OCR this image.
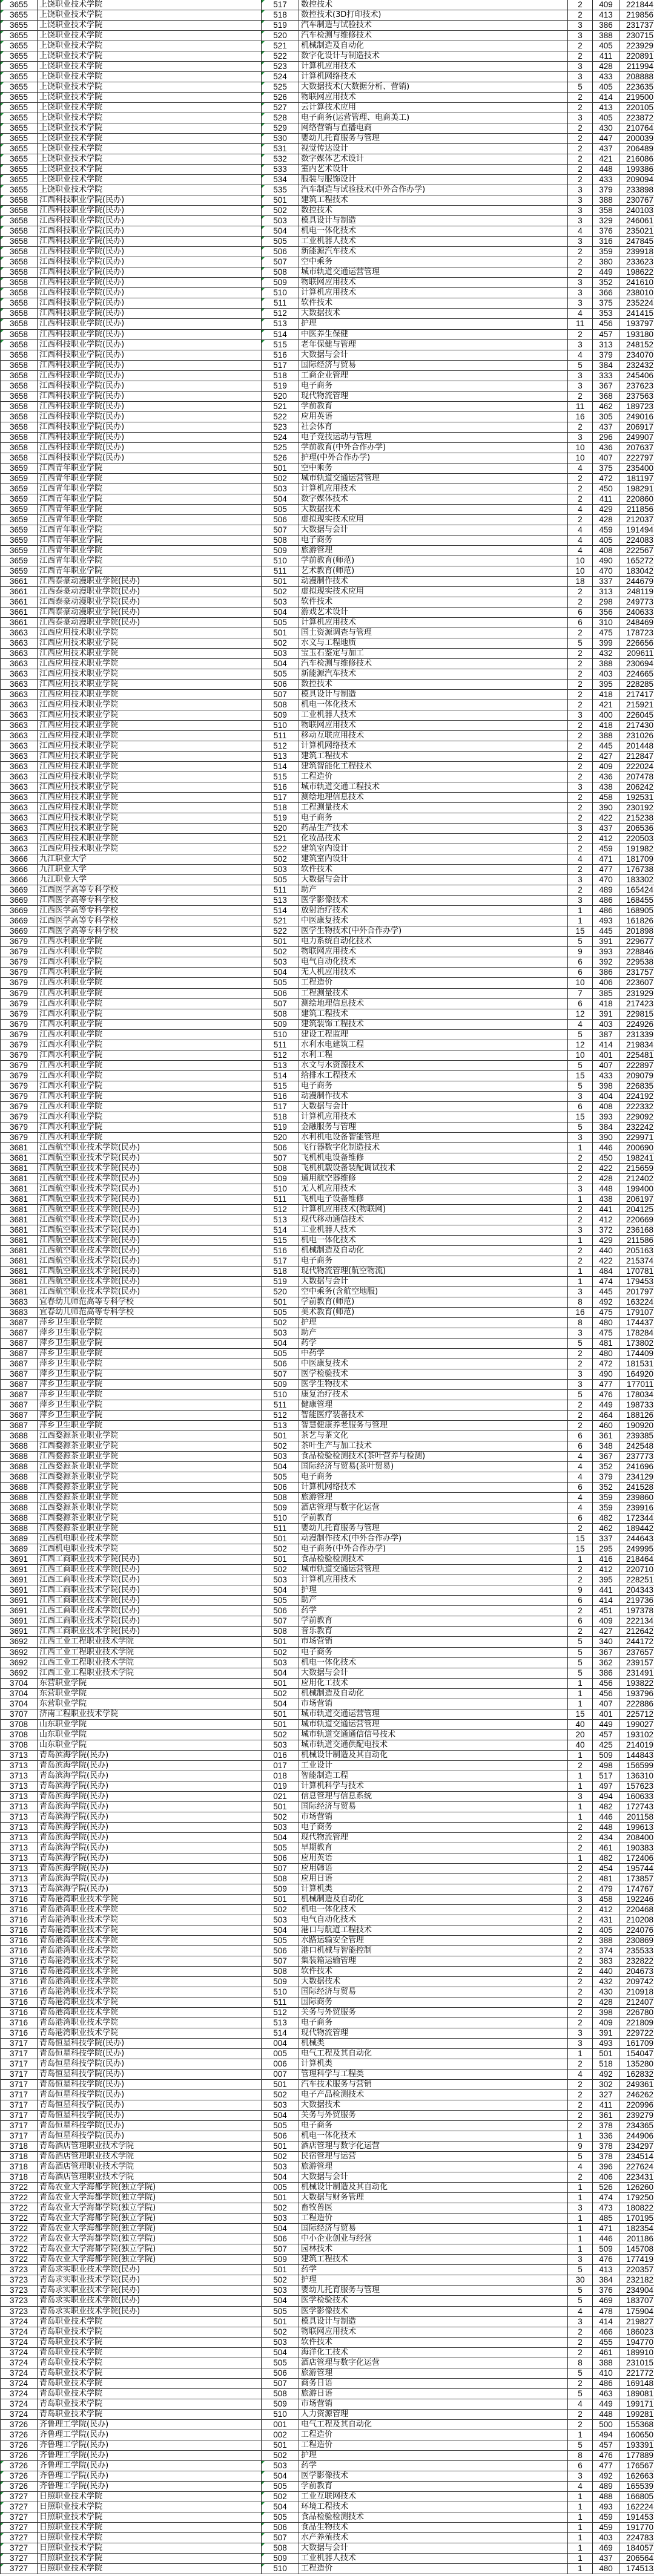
3655	上饶职业技术学院	517	数控技术	2	409	221844
3655	上饶职业技术学院	518	数控技术(3D打印技术)	2	413	219856
3655	上饶职业技术学院	519	汽车制造与试验技术	3	386	231737
3655	上饶职业技术学院	520	汽车检测与维修技术	3	388	230715
3655	上饶职业技术学院	521	机械制造及自动化	2	405	223929
3655	上饶职业技术学院	522	数字化设计与制造技术	2	411	220891
3655	上饶职业技术学院	523	计算机应用技术	3	428	211994
3655	上饶职业技术学院	524	计算机网络技术	3	433	208888
3655	上饶职业技术学院	525	大数据技术(大数据分析、营销)	5	405	223635
3655	上饶职业技术学院	526	物联网应用技术	2	414	219500
3655	上饶职业技术学院	527	云计算技术应用	2	413	220105
3655	上饶职业技术学院	528	电子商务(运营管理、电商美工)	3	405	223872
3655	上饶职业技术学院	529	网络营销与直播电商	2	430	210764
3655	上饶职业技术学院	530	婴幼儿托育服务与管理	2	447	200039
3655	上饶职业技术学院	531	视觉传达设计	2	437	206489
3655	上饶职业技术学院	532	数字媒体艺术设计	2	421	216086
3655	上饶职业技术学院	533	室内艺术设计	2	448	199386
3655	上饶职业技术学院	534	服装与服饰设计	2	433	209094
3655	上饶职业技术学院	535	汽车制造与试验技术(中外合作办学)	3	379	233898
3658	江西科技职业学院(民办)	501	建筑工程技术	3	388	230767
3658	江西科技职业学院(民办)	502	数控技术	3	358	240103
3658	江西科技职业学院(民办)	503	模具设计与制造	3	329	246061
3658	江西科技职业学院(民办)	504	机电一体化技术	4	376	235021
3658	江西科技职业学院(民办)	505	工业机器人技术	3	316	247845
3658	江西科技职业学院(民办)	506	新能源汽车技术	2	359	239918
3658	江西科技职业学院(民办)	507	空中乘务	2	380	233623
3658	江西科技职业学院(民办)	508	城市轨道交通运营管理	2	449	198622
3658	江西科技职业学院(民办)	509	物联网应用技术	3	352	241610
3658	江西科技职业学院(民办)	510	计算机应用技术	3	366	238010
3658	江西科技职业学院(民办)	511	软件技术	3	375	235224
3658	江西科技职业学院(民办)	512	大数据技术	4	353	241415
3658	江西科技职业学院(民办)	513	护理	11	456	193797
3658	江西科技职业学院(民办)	514	中医养生保健	2	457	193180
3658	江西科技职业学院(民办)	515	老年保健与管理	3	313	248152
3658	江西科技职业学院(民办)	516	大数据与会计	4	379	234070
3658	江西科技职业学院(民办)	517	国际经济与贸易	5	384	232432
3658	江西科技职业学院(民办)	518	工商企业管理	3	333	245406
3658	江西科技职业学院(民办)	519	电子商务	3	367	237623
3658	江西科技职业学院(民办)	520	现代物流管理	2	368	237563
3658	江西科技职业学院(民办)	521	学前教育	11	462	189723
3658	江西科技职业学院(民办)	522	应用英语	16	305	249016
3658	江西科技职业学院(民办)	523	社会体育	2	437	206917
3658	江西科技职业学院(民办)	524	电子竞技运动与管理	3	296	249907
3658	江西科技职业学院(民办)	525	学前教育(中外合作办学)	10	436	207637
3658	江西科技职业学院(民办)	526	护理(中外合作办学)	10	407	222797
3659	江西青年职业学院	501	空中乘务	4	375	235400
3659	江西青年职业学院	502	城市轨道交通运营管理	2	472	181197
3659	江西青年职业学院	503	计算机应用技术	2	450	198291
3659	江西青年职业学院	504	数字媒体技术	2	411	220860
3659	江西青年职业学院	505	大数据技术	4	429	211856
3659	江西青年职业学院	506	虚拟现实技术应用	2	428	212037
3659	江西青年职业学院	507	大数据与会计	4	459	191494
3659	江西青年职业学院	508	电子商务	4	405	224083
3659	江西青年职业学院	509	旅游管理	4	408	222567
3659	江西青年职业学院	510	学前教育(师范)	10	490	165272
3659	江西青年职业学院	511	艺术教育(师范)	10	470	183042
3661	江西泰豪动漫职业学院(民办)	501	动漫制作技术	18	337	244679
3661	江西泰豪动漫职业学院(民办)	502	虚拟现实技术应用	2	313	248119
3661	江西泰豪动漫职业学院(民办)	503	软件技术	2	298	249773
3661	江西泰豪动漫职业学院(民办)	504	游戏艺术设计	6	356	240633
3661	江西泰豪动漫职业学院(民办)	505	计算机应用技术	6	310	248469
3663	江西应用技术职业学院	501	国土资源调查与管理	2	475	178723
3663	江西应用技术职业学院	502	水文与工程地质	5	399	226656
3663	江西应用技术职业学院	503	宝玉石鉴定与加工	2	432	209611
3663	江西应用技术职业学院	504	汽车检测与维修技术	2	388	230694
3663	江西应用技术职业学院	505	新能源汽车技术	2	403	224665
3663	江西应用技术职业学院	506	数控技术	2	395	228285
3663	江西应用技术职业学院	507	模具设计与制造	2	418	217417
3663	江西应用技术职业学院	508	机电一体化技术	2	421	215921
3663	江西应用技术职业学院	509	工业机器人技术	3	400	226045
3663	江西应用技术职业学院	510	物联网应用技术	2	418	217430
3663	江西应用技术职业学院	511	移动互联应用技术	2	388	231026
3663	江西应用技术职业学院	512	计算机网络技术	2	445	201448
3663	江西应用技术职业学院	513	建筑工程技术	2	427	212847
3663	江西应用技术职业学院	514	建筑智能化工程技术	2	409	222024
3663	江西应用技术职业学院	515	工程造价	2	436	207478
3663	江西应用技术职业学院	516	城市轨道交通工程技术	3	438	206242
3663	江西应用技术职业学院	517	测绘地理信息技术	2	458	192531
3663	江西应用技术职业学院	518	工程测量技术	2	390	230192
3663	江西应用技术职业学院	519	电子商务	2	422	215238
3663	江西应用技术职业学院	520	药品生产技术	3	437	206536
3663	江西应用技术职业学院	521	化妆品技术	2	412	220503
3663	江西应用技术职业学院	522	建筑室内设计	2	459	191982
3666	九江职业大学	502	建筑室内设计	4	471	181709
3666	九江职业大学	503	软件技术	2	477	176738
3666	九江职业大学	505	大数据与会计	3	470	183302
3669	江西医学高等专科学校	511	助产	2	489	165424
3669	江西医学高等专科学校	513	医学影像技术	3	486	168455
3669	江西医学高等专科学校	514	放射治疗技术	1	486	168905
3669	江西医学高等专科学校	521	中医康复技术	1	493	161826
3669	江西医学高等专科学校	522	医学生物技术(中外合作办学)	15	445	201898
3679	江西水利职业学院	501	电力系统自动化技术	5	391	229677
3679	江西水利职业学院	502	物联网应用技术	9	393	228846
3679	江西水利职业学院	503	电气自动化技术	6	392	229538
3679	江西水利职业学院	504	无人机应用技术	6	386	231757
3679	江西水利职业学院	505	工程造价	10	406	223607
3679	江西水利职业学院	506	工程测量技术	7	385	231929
3679	江西水利职业学院	507	测绘地理信息技术	6	418	217423
3679	江西水利职业学院	508	建筑工程技术	12	391	229815
3679	江西水利职业学院	509	建筑装饰工程技术	4	403	224926
3679	江西水利职业学院	510	建设工程监理	5	387	231339
3679	江西水利职业学院	511	水利水电建筑工程	12	414	219834
3679	江西水利职业学院	512	水利工程	10	401	225481
3679	江西水利职业学院	513	水文与水资源技术	5	407	222897
3679	江西水利职业学院	514	给排水工程技术	15	433	209079
3679	江西水利职业学院	515	电子商务	5	398	226835
3679	江西水利职业学院	516	动漫制作技术	3	404	224192
3679	江西水利职业学院	517	大数据与会计	6	408	222332
3679	江西水利职业学院	518	计算机应用技术	15	393	229092
3679	江西水利职业学院	519	金融服务与管理	5	384	232242
3679	江西水利职业学院	520	水利机电设备智能管理	3	390	229971
3681	江西航空职业技术学院(民办)	506	飞行器数字化制造技术	1	446	200690
3681	江西航空职业技术学院(民办)	507	飞机机电设备维修	2	450	198241
3681	江西航空职业技术学院(民办)	508	飞机机载设备装配调试技术	2	422	215659
3681	江西航空职业技术学院(民办)	509	通用航空器维修	2	428	212402
3681	江西航空职业技术学院(民办)	510	无人机应用技术	3	448	199400
3681	江西航空职业技术学院(民办)	511	飞机电子设备维修	1	438	206197
3681	江西航空职业技术学院(民办)	512	计算机应用技术(物联网)	2	441	204125
3681	江西航空职业技术学院(民办)	513	现代移动通信技术	2	412	220669
3681	江西航空职业技术学院(民办)	514	工业机器人技术	3	372	236168
3681	江西航空职业技术学院(民办)	515	机电一体化技术	1	429	211586
3681	江西航空职业技术学院(民办)	516	机械制造及自动化	2	440	205163
3681	江西航空职业技术学院(民办)	517	电子商务	2	422	215374
3681	江西航空职业技术学院(民办)	518	现代物流管理(航空物流)	1	484	170781
3681	江西航空职业技术学院(民办)	519	大数据与会计	1	474	179453
3681	江西航空职业技术学院(民办)	520	空中乘务(含航空地服)	3	445	201797
3683	宜春幼儿师范高等专科学校	501	学前教育(师范)	8	492	163224
3683	宜春幼儿师范高等专科学校	505	美术教育(师范)	16	475	179107
3687	萍乡卫生职业学院	502	护理	8	480	174437
3687	萍乡卫生职业学院	503	助产	3	475	178284
3687	萍乡卫生职业学院	504	药学	5	481	173802
3687	萍乡卫生职业学院	505	中药学	2	480	174409
3687	萍乡卫生职业学院	506	中医康复技术	2	472	181531
3687	萍乡卫生职业学院	507	医学检验技术	3	490	164920
3687	萍乡卫生职业学院	509	医学生物技术	3	477	177011
3687	萍乡卫生职业学院	510	康复治疗技术	5	476	178034
3687	萍乡卫生职业学院	511	健康管理	2	449	198733
3687	萍乡卫生职业学院	512	智能医疗装备技术	2	464	188126
3687	萍乡卫生职业学院	513	智慧健康养老服务与管理	2	460	190920
3688	江西婺源茶业职业学院	501	茶艺与茶文化	6	361	239385
3688	江西婺源茶业职业学院	502	茶叶生产与加工技术	6	348	242548
3688	江西婺源茶业职业学院	503	食品检验检测技术(茶叶营养与检测)	4	367	237773
3688	江西婺源茶业职业学院	504	国际经济与贸易(茶叶贸易)	4	352	241696
3688	江西婺源茶业职业学院	505	电子商务	4	379	234129
3688	江西婺源茶业职业学院	506	计算机网络技术	6	352	241528
3688	江西婺源茶业职业学院	508	旅游管理	4	359	239860
3688	江西婺源茶业职业学院	509	酒店管理与数字化运营	4	359	239916
3688	江西婺源茶业职业学院	510	学前教育	6	482	172344
3688	江西婺源茶业职业学院	511	婴幼儿托育服务与管理	2	462	189442
3689	江西机电职业技术学院	501	动漫制作技术(中外合作办学)	15	337	244643
3689	江西机电职业技术学院	502	电子商务(中外合作办学)	15	295	249995
3691	江西工商职业技术学院(民办)	501	食品检验检测技术	1	416	218464
3691	江西工商职业技术学院(民办)	502	城市轨道交通运营管理	2	412	220710
3691	江西工商职业技术学院(民办)	503	计算机应用技术	2	395	228251
3691	江西工商职业技术学院(民办)	504	护理	9	441	204343
3691	江西工商职业技术学院(民办)	505	助产	6	414	219736
3691	江西工商职业技术学院(民办)	506	药学	2	451	197378
3691	江西工商职业技术学院(民办)	507	学前教育	6	409	222134
3691	江西工商职业技术学院(民办)	508	音乐教育	2	427	212642
3692	江西工业工程职业技术学院	501	市场营销	5	340	244172
3692	江西工业工程职业技术学院	502	电子商务	5	367	237657
3692	江西工业工程职业技术学院	503	机电一体化技术	5	362	239157
3692	江西工业工程职业技术学院	504	大数据与会计	5	386	231491
3704	东营职业学院	501	应用化工技术	1	456	193822
3704	东营职业学院	502	机械制造及自动化	1	456	193796
3704	东营职业学院	504	市场营销	1	407	222886
3707	济南工程职业技术学院	501	城市轨道交通运营管理	15	401	225712
3708	山东职业学院	501	城市轨道交通运营管理	40	449	199027
3708	山东职业学院	502	城市轨道交通通信信号技术	20	457	193102
3708	山东职业学院	503	城市轨道交通供配电技术	40	425	214019
3713	青岛滨海学院(民办)	016	机械设计制造及其自动化	1	509	144843
3713	青岛滨海学院(民办)	017	工业设计	2	498	156599
3713	青岛滨海学院(民办)	018	智能制造工程	1	517	136310
3713	青岛滨海学院(民办)	019	计算机科学与技术	1	497	157623
3713	青岛滨海学院(民办)	021	信息管理与信息系统	3	494	160633
3713	青岛滨海学院(民办)	501	国际经济与贸易	1	482	172743
3713	青岛滨海学院(民办)	502	市场营销	1	446	201158
3713	青岛滨海学院(民办)	503	电子商务	2	448	199613
3713	青岛滨海学院(民办)	504	现代物流管理	2	434	208400
3713	青岛滨海学院(民办)	505	早期教育	2	461	190383
3713	青岛滨海学院(民办)	506	应用英语	1	482	172406
3713	青岛滨海学院(民办)	507	应用韩语	2	454	195744
3713	青岛滨海学院(民办)	508	应用日语	2	481	173857
3713	青岛滨海学院(民办)	509	计算机类	2	479	174767
3716	青岛港湾职业技术学院	501	机械制造及自动化	3	458	192246
3716	青岛港湾职业技术学院	502	机电一体化技术	2	412	220468
3716	青岛港湾职业技术学院	503	电气自动化技术	2	431	210208
3716	青岛港湾职业技术学院	504	港口与航道工程技术	2	405	224076
3716	青岛港湾职业技术学院	505	水路运输安全管理	2	388	230869
3716	青岛港湾职业技术学院	506	港口机械与智能控制	2	374	235533
3716	青岛港湾职业技术学院	507	集装箱运输管理	2	383	232822
3716	青岛港湾职业技术学院	508	软件技术	2	440	204673
3716	青岛港湾职业技术学院	509	大数据技术	2	432	209742
3716	青岛港湾职业技术学院	510	国际经济与贸易	2	430	210918
3716	青岛港湾职业技术学院	511	国际商务	2	428	212407
3716	青岛港湾职业技术学院	512	关务与外贸服务	2	398	226780
3716	青岛港湾职业技术学院	513	电子商务	2	409	221809
3716	青岛港湾职业技术学院	514	现代物流管理	3	391	229722
3717	青岛恒星科技学院(民办)	004	机械类	3	493	161709
3717	青岛恒星科技学院(民办)	005	电气工程及其自动化	1	501	154047
3717	青岛恒星科技学院(民办)	006	计算机类	2	518	135280
3717	青岛恒星科技学院(民办)	007	管理科学与工程类	4	492	162832
3717	青岛恒星科技学院(民办)	501	汽车技术服务与营销	2	302	249361
3717	青岛恒星科技学院(民办)	502	电子产品检测技术	2	327	246262
3717	青岛恒星科技学院(民办)	503	大数据技术	2	411	220996
3717	青岛恒星科技学院(民办)	504	关务与外贸服务	2	361	239279
3717	青岛恒星科技学院(民办)	505	电子商务	2	378	234365
3717	青岛恒星科技学院(民办)	506	机电一体化技术	1	336	244906
3718	青岛酒店管理职业技术学院	501	酒店管理与数字化运营	9	378	234297
3718	青岛酒店管理职业技术学院	502	民宿管理与运营	5	378	234514
3718	青岛酒店管理职业技术学院	503	旅游管理	4	396	227624
3718	青岛酒店管理职业技术学院	504	大数据与会计	2	406	223431
3722	青岛农业大学海都学院(独立学院)	005	机械设计制造及其自动化	1	526	126260
3722	青岛农业大学海都学院(独立学院)	501	大数据与财务管理	1	474	179250
3722	青岛农业大学海都学院(独立学院)	502	畜牧兽医	3	473	180822
3722	青岛农业大学海都学院(独立学院)	503	工程造价	1	485	170195
3722	青岛农业大学海都学院(独立学院)	504	国际经济与贸易	1	471	182354
3722	青岛农业大学海都学院(独立学院)	506	中小企业创业与经营	1	446	201186
3722	青岛农业大学海都学院(独立学院)	507	园林技术	1	509	145708
3722	青岛农业大学海都学院(独立学院)	509	建筑工程技术	3	476	177419
3723	青岛求实职业技术学院(民办)	501	药学	5	413	220357
3723	青岛求实职业技术学院(民办)	502	护理	30	384	232182
3723	青岛求实职业技术学院(民办)	503	婴幼儿托育服务与管理	5	376	234904
3723	青岛求实职业技术学院(民办)	504	医学检验技术	5	469	183707
3723	青岛求实职业技术学院(民办)	505	医学影像技术	4	478	175904
3724	青岛职业技术学院	501	模具设计与制造	3	414	219827
3724	青岛职业技术学院	502	物联网应用技术	2	466	186023
3724	青岛职业技术学院	503	软件技术	2	455	194770
3724	青岛职业技术学院	504	海洋化工技术	2	461	189910
3724	青岛职业技术学院	505	酒店管理与数字化运营	8	388	231015
3724	青岛职业技术学院	506	旅游管理	5	410	221772
3724	青岛职业技术学院	507	商务日语	2	486	169148
3724	青岛职业技术学院	508	旅游日语	5	463	189081
3724	青岛职业技术学院	509	市场营销	4	449	199171
3724	青岛职业技术学院	510	人力资源管理	2	448	199281
3726	齐鲁理工学院(民办)	001	电气工程及其自动化	2	500	155368
3726	齐鲁理工学院(民办)	002	工程造价	1	494	160650
3726	齐鲁理工学院(民办)	501	工程造价	5	457	193391
3726	齐鲁理工学院(民办)	502	护理	8	476	177889
3726	齐鲁理工学院(民办)	503	药学	6	477	176567
3726	齐鲁理工学院(民办)	504	医学影像技术	3	492	162663
3726	齐鲁理工学院(民办)	505	学前教育	4	489	165539
3727	日照职业技术学院	502	工业互联网技术	1	488	166805
3727	日照职业技术学院	504	环境工程技术	1	493	162224
3727	日照职业技术学院	505	食品检验检测技术	1	459	191453
3727	日照职业技术学院	506	食品生物技术	1	459	191770
3727	日照职业技术学院	507	水产养殖技术	1	403	224783
3727	日照职业技术学院	508	大数据与会计	1	469	184057
3727	日照职业技术学院	509	工业机器人技术	1	437	206564
3727	日照职业技术学院	510	工程造价	1	480	174513
